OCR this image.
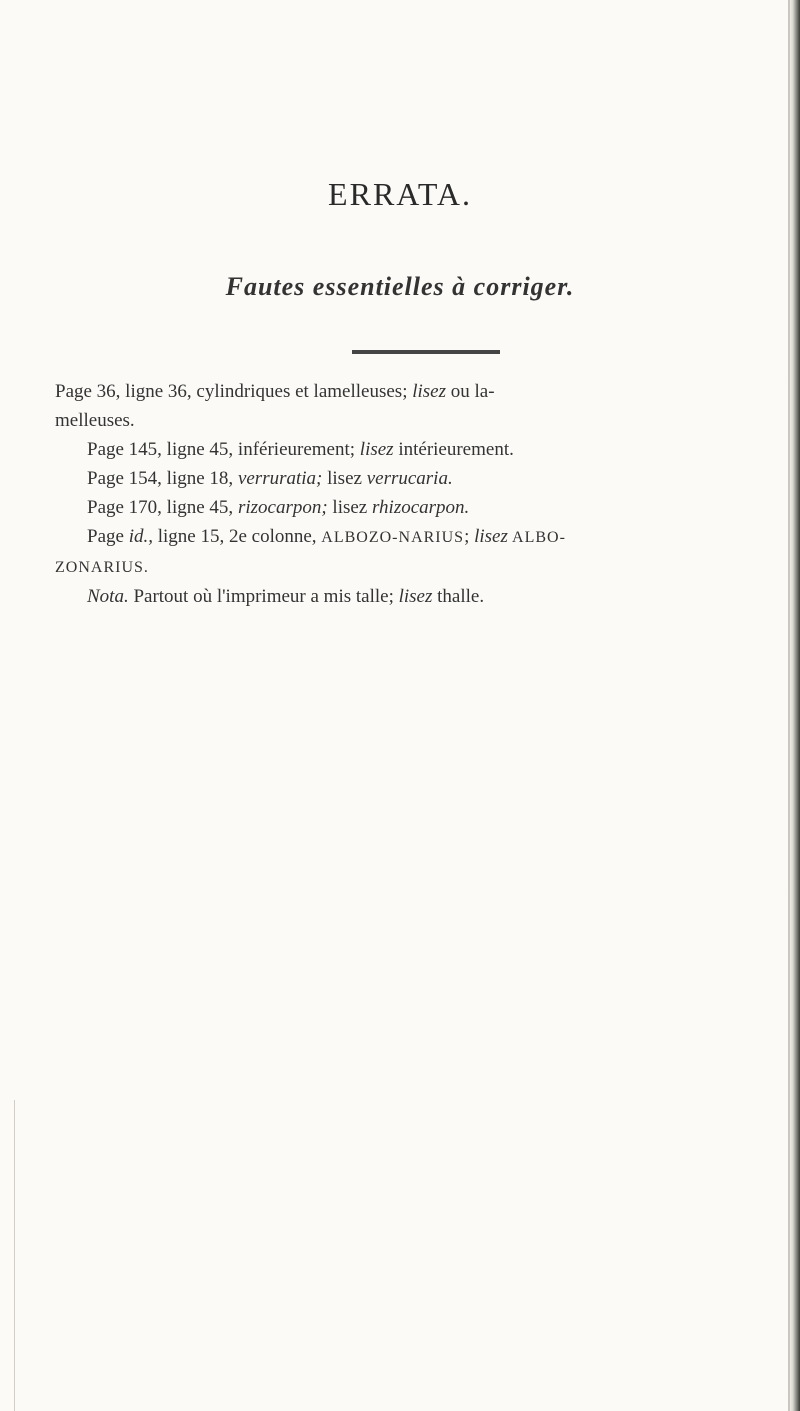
ERRATA.
Fautes essentielles à corriger.
Page 36, ligne 36, cylindriques et lamelleuses; lisez ou la-
melleuses.
Page 145, ligne 45, inférieurement; lisez intérieurement.
Page 154, ligne 18, verruratia; lisez verrucaria.
Page 170, ligne 45, rizocarpon; lisez rhizocarpon.
Page id., ligne 15, 2e colonne, ALBOZO-NARIUS; lisez ALBO-
ZONARIUS.
Nota. Partout où l'imprimeur a mis talle; lisez thalle.
